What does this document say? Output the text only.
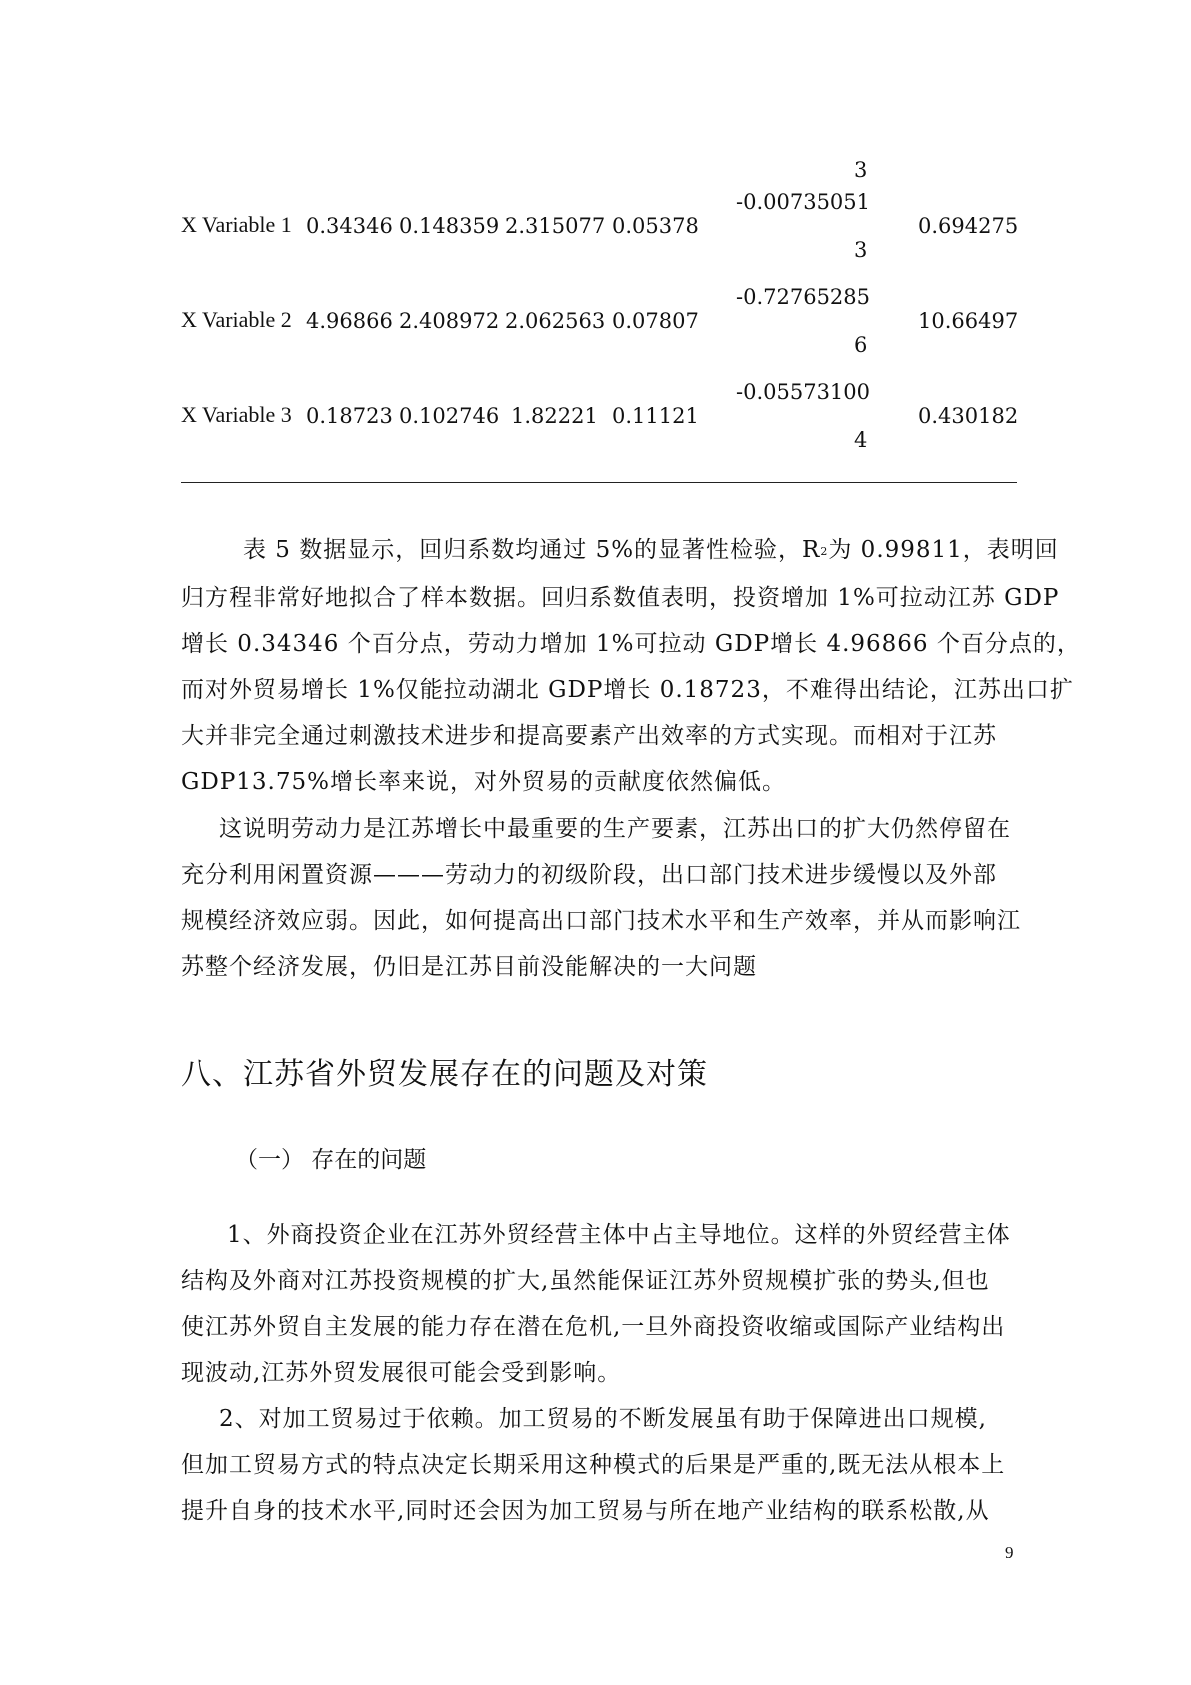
3
X Variable 1 0.34346 0.148359 2.315077 0.05378
-0.00735051
3
0.694275
X Variable 2 4.96866 2.408972 2.062563 0.07807
-0.72765285
6
10.66497
X Variable 3 0.18723 0.102746 1.82221 0.11121
-0.05573100
4
0.430182
表 5 数据显示，回归系数均通过 5%的显著性检验，$R^2$为 0.99811，表明回
归方程非常好地拟合了样本数据。回归系数值表明，投资增加 1%可拉动江苏 GDP
增长 0.34346 个百分点，劳动力增加 1%可拉动 GDP增长 4.96866 个百分点的，
而对外贸易增长 1%仅能拉动湖北 GDP增长 0.18723，不难得出结论，江苏出口扩
大并非完全通过刺激技术进步和提高要素产出效率的方式实现。而相对于江苏
GDP13.75%增长率来说，对外贸易的贡献度依然偏低。
这说明劳动力是江苏增长中最重要的生产要素，江苏出口的扩大仍然停留在
充分利用闲置资源———劳动力的初级阶段，出口部门技术进步缓慢以及外部
规模经济效应弱。因此，如何提高出口部门技术水平和生产效率，并从而影响江
苏整个经济发展，仍旧是江苏目前没能解决的一大问题
八、江苏省外贸发展存在的问题及对策
（一） 存在的问题
1、外商投资企业在江苏外贸经营主体中占主导地位。这样的外贸经营主体
结构及外商对江苏投资规模的扩大,虽然能保证江苏外贸规模扩张的势头,但也
使江苏外贸自主发展的能力存在潜在危机,一旦外商投资收缩或国际产业结构出
现波动,江苏外贸发展很可能会受到影响。
2、对加工贸易过于依赖。加工贸易的不断发展虽有助于保障进出口规模,
但加工贸易方式的特点决定长期采用这种模式的后果是严重的,既无法从根本上
提升自身的技术水平,同时还会因为加工贸易与所在地产业结构的联系松散,从
9
